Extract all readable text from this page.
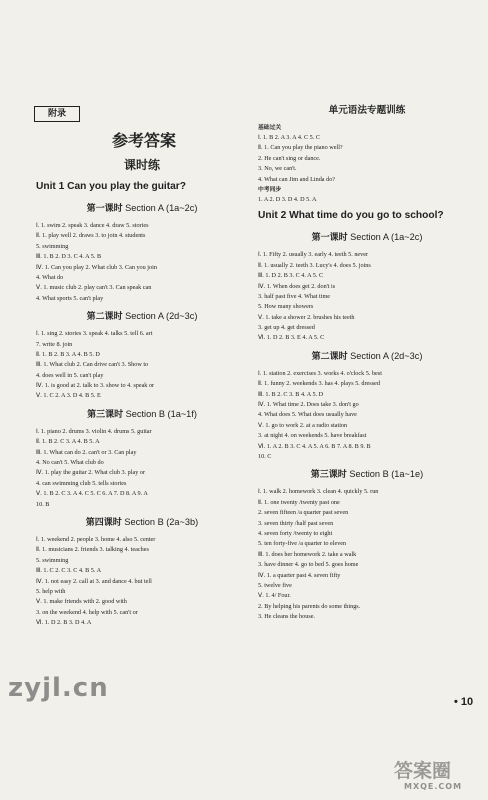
附录
参考答案
课时练
Unit 1 Can you play the guitar?
第一课时 Section A (1a~2c)
Ⅰ. 1. swim 2. speak 3. dance 4. draw 5. stories
Ⅱ. 1. play well 2. draws 3. to join 4. students
5. swimming
Ⅲ. 1. B 2. D 3. C 4. A 5. B
Ⅳ. 1. Can you play 2. What club 3. Can you join
4. What do
Ⅴ. 1. music club 2. play can't 3. Can speak can
4. What sports 5. can't play
第二课时 Section A (2d~3c)
Ⅰ. 1. sing 2. stories 3. speak 4. talks 5. tell 6. art
7. write 8. join
Ⅱ. 1. B 2. B 3. A 4. B 5. D
Ⅲ. 1. What club 2. Can drive can't 3. Show to
4. does well in 5. can't play
Ⅳ. 1. is good at 2. talk to 3. show to 4. speak or
Ⅴ. 1. C 2. A 3. D 4. B 5. E
第三课时 Section B (1a~1f)
Ⅰ. 1. piano 2. drums 3. violin 4. drums 5. guitar
Ⅱ. 1. B 2. C 3. A 4. B 5. A
Ⅲ. 1. What can do 2. can't or 3. Can play
4. No can't 5. What club do
Ⅳ. 1. play the guitar 2. What club 3. play or
4. can swimming club 5. tells stories
Ⅴ. 1. B 2. C 3. A 4. C 5. C 6. A 7. D 8. A 9. A
10. B
第四课时 Section B (2a~3b)
Ⅰ. 1. weekend 2. people 3. home 4. also 5. center
Ⅱ. 1. musicians 2. friends 3. talking 4. teaches
5. swimming
Ⅲ. 1. C 2. C 3. C 4. B 5. A
Ⅳ. 1. not easy 2. call at 3. and dance 4. but tell
5. help with
Ⅴ. 1. make friends with 2. good with
3. on the weekend 4. help with 5. can't or
Ⅵ. 1. D 2. B 3. D 4. A
单元语法专题训练
基础过关
Ⅰ. 1. B 2. A 3. A 4. C 5. C
Ⅱ. 1. Can you play the piano well?
2. He can't sing or dance.
3. No, we can't.
4. What can Jim and Linda do?
中考同步
1. A 2. D 3. D 4. D 5. A
Unit 2 What time do you go to school?
第一课时 Section A (1a~2c)
Ⅰ. 1. Fifty 2. usually 3. early 4. teeth 5. never
Ⅱ. 1. usually 2. teeth 3. Lucy's 4. does 5. joins
Ⅲ. 1. D 2. B 3. C 4. A 5. C
Ⅳ. 1. When does get 2. don't is
3. half past five 4. What time
5. How many showers
Ⅴ. 1. take a shower 2. brushes his teeth
3. get up 4. get dressed
Ⅵ. 1. D 2. B 3. E 4. A 5. C
第二课时 Section A (2d~3c)
Ⅰ. 1. station 2. exercises 3. works 4. o'clock 5. best
Ⅱ. 1. funny 2. weekends 3. has 4. plays 5. dressed
Ⅲ. 1. B 2. C 3. B 4. A 5. D
Ⅳ. 1. What time 2. Does take 3. don't go
4. What does 5. What does usually have
Ⅴ. 1. go to work 2. at a radio station
3. at night 4. on weekends 5. have breakfast
Ⅵ. 1. A 2. B 3. C 4. A 5. A 6. B 7. A 8. B 9. B
10. C
第三课时 Section B (1a~1e)
Ⅰ. 1. walk 2. homework 3. clean 4. quickly 5. run
Ⅱ. 1. one twenty /twenty past one
2. seven fifteen /a quarter past seven
3. seven thirty /half past seven
4. seven forty /twenty to eight
5. ten forty-five /a quarter to eleven
Ⅲ. 1. does her homework 2. take a walk
3. have dinner 4. go to bed 5. goes home
Ⅳ. 1. a quarter past 4. seven fifty
5. twelve five
Ⅴ. 1. 4/ Four.
2. By helping his parents do some things.
3. He cleans the house.
• 10
zyjl.cn
答案圈
MXQE.COM
